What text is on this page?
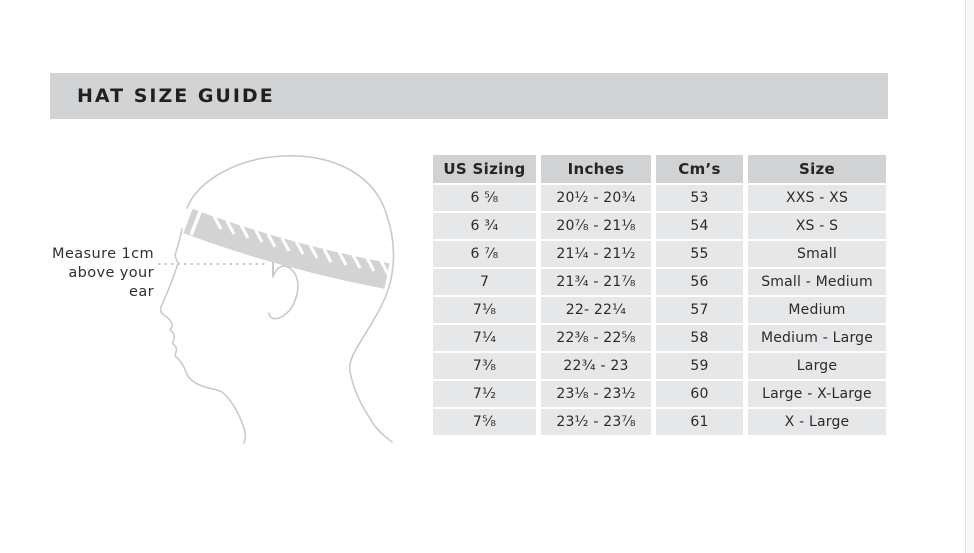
HAT SIZE GUIDE
Measure 1cm
above your ear
US Sizing	Inches	Cm’s	Size
6 ⁵⁄₈	20¹⁄₂ - 20³⁄₄	53	XXS - XS
6 ³⁄₄	20⁷⁄₈ - 21¹⁄₈	54	XS - S
6 ⁷⁄₈	21¹⁄₄ - 21¹⁄₂	55	Small
7	21³⁄₄ - 21⁷⁄₈	56	Small - Medium
7¹⁄₈	22- 22¹⁄₄	57	Medium
7¹⁄₄	22³⁄₈ - 22⁵⁄₈	58	Medium - Large
7³⁄₈	22³⁄₄ - 23	59	Large
7¹⁄₂	23¹⁄₈ - 23¹⁄₂	60	Large - X-Large
7⁵⁄₈	23¹⁄₂ - 23⁷⁄₈	61	X - Large
